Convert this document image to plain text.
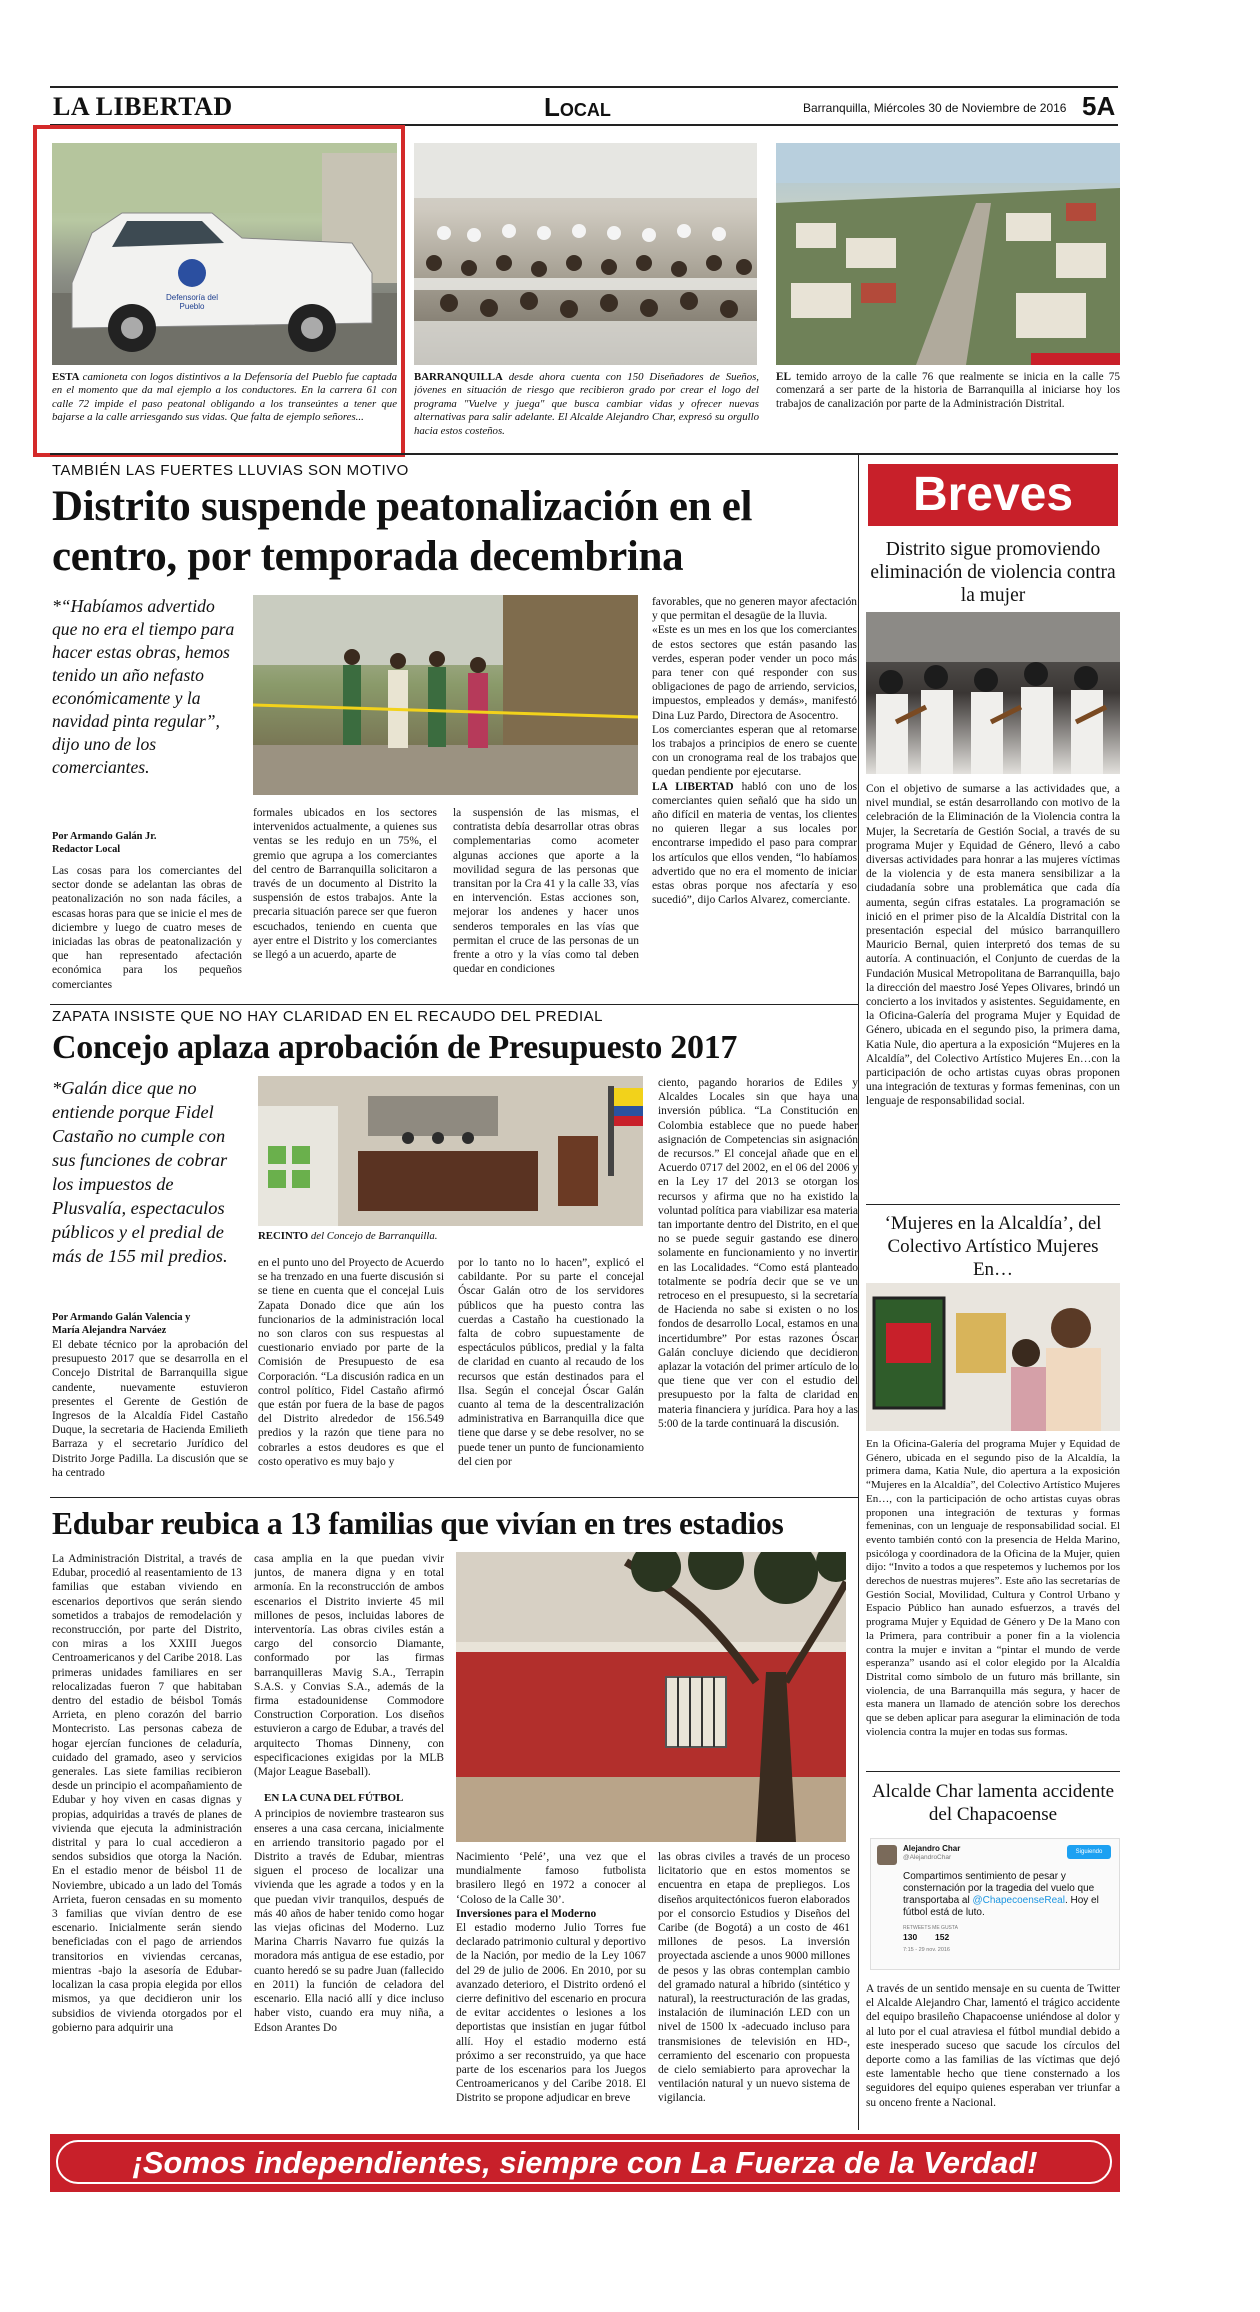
LA LIBERTAD	Local	Barranquilla, Miércoles 30 de Noviembre de 2016 5A
Defensoría del Pueblo
ESTA camioneta con logos distintivos a la Defensoría del Pueblo fue captada en el momento que da mal ejemplo a los conductores. En la carrera 61 con calle 72 impide el paso peatonal obligando a los transeúntes a tener que bajarse a la calle arriesgando sus vidas. Que falta de ejemplo señores...
BARRANQUILLA desde ahora cuenta con 150 Diseñadores de Sueños, jóvenes en situación de riesgo que recibieron grado por crear el logo del programa "Vuelve y juega" que busca cambiar vidas y ofrecer nuevas alternativas para salir adelante. El Alcalde Alejandro Char, expresó su orgullo hacia estos costeños.
EL temido arroyo de la calle 76 que realmente se inicia en la calle 75 comenzará a ser parte de la historia de Barranquilla al iniciarse hoy los trabajos de canalización por parte de la Administración Distrital.
TAMBIÉN LAS FUERTES LLUVIAS SON MOTIVO
Distrito suspende peatonalización en el centro, por temporada decembrina
*“Habíamos advertido que no era el tiempo para hacer estas obras, hemos tenido un año nefasto económicamente y la navidad pinta regular”, dijo uno de los comerciantes.
Por Armando Galán Jr.
Redactor Local
Las cosas para los comerciantes del sector donde se adelantan las obras de peatonalización no son nada fáciles, a escasas horas para que se inicie el mes de diciembre y luego de cuatro meses de iniciadas las obras de peatonalización y que han representado afectación económica para los pequeños comerciantes
formales ubicados en los sectores intervenidos actualmente, a quienes sus ventas se les redujo en un 75%, el gremio que agrupa a los comerciantes del centro de Barranquilla solicitaron a través de un documento al Distrito la suspensión de estos trabajos. Ante la precaria situación parece ser que fueron escuchados, teniendo en cuenta que ayer entre el Distrito y los comerciantes se llegó a un acuerdo, aparte de
la suspensión de las mismas, el contratista debía desarrollar otras obras complementarias como acometer algunas acciones que aporte a la movilidad segura de las personas que transitan por la Cra 41 y la calle 33, vías en intervención. Estas acciones son, mejorar los andenes y hacer unos senderos temporales en las vías que permitan el cruce de las personas de un frente a otro y la vías como tal deben quedar en condiciones

favorables, que no generen mayor afectación y que permitan el desagüe de la lluvia.

«Este es un mes en los que los comerciantes de estos sectores que están pasando las verdes, esperan poder vender un poco más para tener con qué responder con sus obligaciones de pago de arriendo, servicios, impuestos, empleados y demás», manifestó Dina Luz Pardo, Directora de Asocentro.

Los comerciantes esperan que al retomarse los trabajos a principios de enero se cuente con un cronograma real de los trabajos que quedan pendiente por ejecutarse.

LA LIBERTAD habló con uno de los comerciantes quien señaló que ha sido un año difícil en materia de ventas, los clientes no quieren llegar a sus locales por encontrarse impedido el paso para comprar los artículos que ellos venden, “lo habíamos advertido que no era el momento de iniciar estas obras porque nos afectaría y eso sucedió”, dijo Carlos Alvarez, comerciante.

ZAPATA INSISTE QUE NO HAY CLARIDAD EN EL RECAUDO DEL PREDIAL
Concejo aplaza aprobación de Presupuesto 2017
*Galán dice que no entiende porque Fidel Castaño no cumple con sus funciones de cobrar los impuestos de Plusvalía, espectaculos públicos y el predial de más de 155 mil predios.
Por Armando Galán Valencia y
María Alejandra Narváez
El debate técnico por la aprobación del presupuesto 2017 que se desarrolla en el Concejo Distrital de Barranquilla sigue candente, nuevamente estuvieron presentes el Gerente de Gestión de Ingresos de la Alcaldía Fidel Castaño Duque, la secretaria de Hacienda Emilieth Barraza y el secretario Jurídico del Distrito Jorge Padilla. La discusión que se ha centrado
RECINTO del Concejo de Barranquilla.
en el punto uno del Proyecto de Acuerdo se ha trenzado en una fuerte discusión si se tiene en cuenta que el concejal Luis Zapata Donado dice que aún los funcionarios de la administración local no son claros con sus respuestas al cuestionario enviado por parte de la Comisión de Presupuesto de esa Corporación. “La discusión radica en un control político, Fidel Castaño afirmó que están por fuera de la base de pagos del Distrito alrededor de 156.549 predios y la razón que tiene para no cobrarles a estos deudores es que el costo operativo es muy bajo y
por lo tanto no lo hacen”, explicó el cabildante. Por su parte el concejal Óscar Galán otro de los servidores públicos que ha puesto contra las cuerdas a Castaño ha cuestionado la falta de cobro supuestamente de espectáculos públicos, predial y la falta de claridad en cuanto al recaudo de los recursos que están destinados para el Ilsa. Según el concejal Óscar Galán cuanto al tema de la descentralización administrativa en Barranquilla dice que tiene que darse y se debe resolver, no se puede tener un punto de funcionamiento del cien por
ciento, pagando horarios de Ediles y Alcaldes Locales sin que haya una inversión pública. “La Constitución en Colombia establece que no puede haber asignación de Competencias sin asignación de recursos.” El concejal añade que en el Acuerdo 0717 del 2002, en el 06 del 2006 y en la Ley 17 del 2013 se otorgan los recursos y afirma que no ha existido la voluntad política para viabilizar esa materia tan importante dentro del Distrito, en el que no se puede seguir gastando ese dinero solamente en funcionamiento y no invertir en las Localidades. “Como está planteado totalmente se podría decir que se ve un retroceso en el presupuesto, si la secretaría de Hacienda no sabe si existen o no los fondos de desarrollo Local, estamos en una incertidumbre” Por estas razones Óscar Galán concluye diciendo que decidieron aplazar la votación del primer artículo de lo que tiene que ver con el estudio del presupuesto por la falta de claridad en materia financiera y jurídica. Para hoy a las 5:00 de la tarde continuará la discusión.
Edubar reubica a 13 familias que vivían en tres estadios
La Administración Distrital, a través de Edubar, procedió al reasentamiento de 13 familias que estaban viviendo en escenarios deportivos que serán siendo sometidos a trabajos de remodelación y reconstrucción, por parte del Distrito, con miras a los XXIII Juegos Centroamericanos y del Caribe 2018. Las primeras unidades familiares en ser relocalizadas fueron 7 que habitaban dentro del estadio de béisbol Tomás Arrieta, en pleno corazón del barrio Montecristo. Las personas cabeza de hogar ejercían funciones de celaduría, cuidado del gramado, aseo y servicios generales. Las siete familias recibieron desde un principio el acompañamiento de Edubar y hoy viven en casas dignas y propias, adquiridas a través de planes de vivienda que ejecuta la administración distrital y para lo cual accedieron a sendos subsidios que otorga la Nación. En el estadio menor de béisbol 11 de Noviembre, ubicado a un lado del Tomás Arrieta, fueron censadas en su momento 3 familias que vivían dentro de ese escenario. Inicialmente serán siendo beneficiadas con el pago de arriendos transitorios en viviendas cercanas, mientras -bajo la asesoría de Edubar- localizan la casa propia elegida por ellos mismos, ya que decidieron unir los subsidios de vivienda otorgados por el gobierno para adquirir una

casa amplia en la que puedan vivir juntos, de manera digna y en total armonía. En la reconstrucción de ambos escenarios el Distrito invierte 45 mil millones de pesos, incluidas labores de interventoría. Las obras civiles están a cargo del consorcio Diamante, conformado por las firmas barranquilleras Mavig S.A., Terrapin S.A.S. y Convias S.A., además de la firma estadounidense Commodore Construction Corporation. Los diseños estuvieron a cargo de Edubar, a través del arquitecto Thomas Dinneny, con especificaciones exigidas por la MLB (Major League Baseball).

EN LA CUNA DEL FÚTBOL

A principios de noviembre trastearon sus enseres a una casa cercana, inicialmente en arriendo transitorio pagado por el Distrito a través de Edubar, mientras siguen el proceso de localizar una vivienda que les agrade a todos y en la que puedan vivir tranquilos, después de más 40 años de haber tenido como hogar las viejas oficinas del Moderno. Luz Marina Charris Navarro fue quizás la moradora más antigua de ese estadio, por cuanto heredó se su padre Juan (fallecido en 2011) la función de celadora del escenario. Ella nació allí y dice incluso haber visto, cuando era muy niña, a Edson Arantes Do

Nacimiento ‘Pelé’, una vez que el mundialmente famoso futbolista brasilero llegó en 1972 a conocer al ‘Coloso de la Calle 30’.

Inversiones para el Moderno

El estadio moderno Julio Torres fue declarado patrimonio cultural y deportivo de la Nación, por medio de la Ley 1067 del 29 de julio de 2006. En 2010, por su avanzado deterioro, el Distrito ordenó el cierre definitivo del escenario en procura de evitar accidentes o lesiones a los deportistas que insistían en jugar fútbol allí. Hoy el estadio moderno está próximo a ser reconstruido, ya que hace parte de los escenarios para los Juegos Centroamericanos y del Caribe 2018. El Distrito se propone adjudicar en breve

las obras civiles a través de un proceso licitatorio que en estos momentos se encuentra en etapa de prepliegos. Los diseños arquitectónicos fueron elaborados por el consorcio Estudios y Diseños del Caribe (de Bogotá) a un costo de 461 millones de pesos. La inversión proyectada asciende a unos 9000 millones de pesos y las obras contemplan cambio del gramado natural a híbrido (sintético y natural), la reestructuración de las gradas, instalación de iluminación LED con un nivel de 1500 lx -adecuado incluso para transmisiones de televisión en HD-, cerramiento del escenario con propuesta de cielo semiabierto para aprovechar la ventilación natural y un nuevo sistema de vigilancia.
Breves
Distrito sigue promoviendo eliminación de violencia contra la mujer
Con el objetivo de sumarse a las actividades que, a nivel mundial, se están desarrollando con motivo de la celebración de la Eliminación de la Violencia contra la Mujer, la Secretaría de Gestión Social, a través de su programa Mujer y Equidad de Género, llevó a cabo diversas actividades para honrar a las mujeres víctimas de la violencia y de esta manera sensibilizar a la ciudadanía sobre una problemática que cada día aumenta, según cifras estatales. La programación se inició en el primer piso de la Alcaldía Distrital con la presentación especial del músico barranquillero Mauricio Bernal, quien interpretó dos temas de su autoría. A continuación, el Conjunto de cuerdas de la Fundación Musical Metropolitana de Barranquilla, bajo la dirección del maestro José Yepes Olivares, brindó un concierto a los invitados y asistentes. Seguidamente, en la Oficina-Galería del programa Mujer y Equidad de Género, ubicada en el segundo piso, la primera dama, Katia Nule, dio apertura a la exposición “Mujeres en la Alcaldía”, del Colectivo Artístico Mujeres En…con la participación de ocho artistas cuyas obras proponen una integración de texturas y formas femeninas, con un lenguaje de responsabilidad social.
‘Mujeres en la Alcaldía’, del Colectivo Artístico Mujeres En…
En la Oficina-Galería del programa Mujer y Equidad de Género, ubicada en el segundo piso de la Alcaldía, la primera dama, Katia Nule, dio apertura a la exposición “Mujeres en la Alcaldía”, del Colectivo Artístico Mujeres En…, con la participación de ocho artistas cuyas obras proponen una integración de texturas y formas femeninas, con un lenguaje de responsabilidad social. El evento también contó con la presencia de Helda Marino, psicóloga y coordinadora de la Oficina de la Mujer, quien dijo: “Invito a todos a que respetemos y luchemos por los derechos de nuestras mujeres”. Este año las secretarías de Gestión Social, Movilidad, Cultura y Control Urbano y Espacio Público han aunado esfuerzos, a través del programa Mujer y Equidad de Género y De la Mano con la Primera, para contribuir a poner fin a la violencia contra la mujer e invitan a “pintar el mundo de verde esperanza” usando así el color elegido por la Alcaldía Distrital como símbolo de un futuro más brillante, sin violencia, de una Barranquilla más segura, y hacer de esta manera un llamado de atención sobre los derechos que se deben aplicar para asegurar la eliminación de toda violencia contra la mujer en todas sus formas.
Alcalde Char lamenta accidente del Chapacoense
Alejandro Char
@AlejandroChar
Siguiendo
Compartimos sentimiento de pesar y consternación por la tragedia del vuelo que transportaba al @ChapecoenseReal. Hoy el fútbol está de luto.
RETWEETS ME GUSTA
130 152
7:15 - 29 nov. 2016
A través de un sentido mensaje en su cuenta de Twitter el Alcalde Alejandro Char, lamentó el trágico accidente del equipo brasileño Chapacoense uniéndose al dolor y al luto por el cual atraviesa el fútbol mundial debido a este inesperado suceso que sacude los círculos del deporte como a las familias de las víctimas que dejó este lamentable hecho que tiene consternado a los seguidores del equipo quienes esperaban ver triunfar a su onceno frente a Nacional.
¡Somos independientes, siempre con La Fuerza de la Verdad!
